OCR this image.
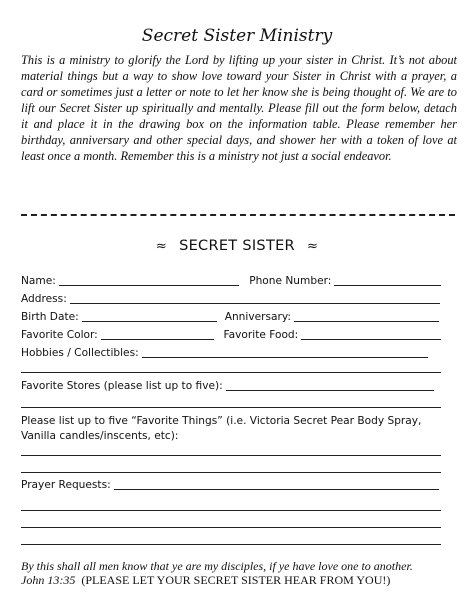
Secret Sister Ministry
This is a ministry to glorify the Lord by lifting up your sister in Christ. It’s not about material things but a way to show love toward your Sister in Christ with a prayer, a card or sometimes just a letter or note to let her know she is being thought of. We are to lift our Secret Sister up spiritually and mentally. Please fill out the form below, detach it and place it in the drawing box on the information table. Please remember her birthday, anniversary and other special days, and shower her with a token of love at least once a month. Remember this is a ministry not just a social endeavor.
≈ SECRET SISTER ≈
Name:	Phone Number:
Address:
Birth Date:	Anniversary:
Favorite Color:	Favorite Food:
Hobbies / Collectibles:
Favorite Stores (please list up to five):
Please list up to five “Favorite Things” (i.e. Victoria Secret Pear Body Spray, Vanilla candles/inscents, etc):
Prayer Requests:
By this shall all men know that ye are my disciples, if ye have love one to another.
John 13:35 (PLEASE LET YOUR SECRET SISTER HEAR FROM YOU!)
